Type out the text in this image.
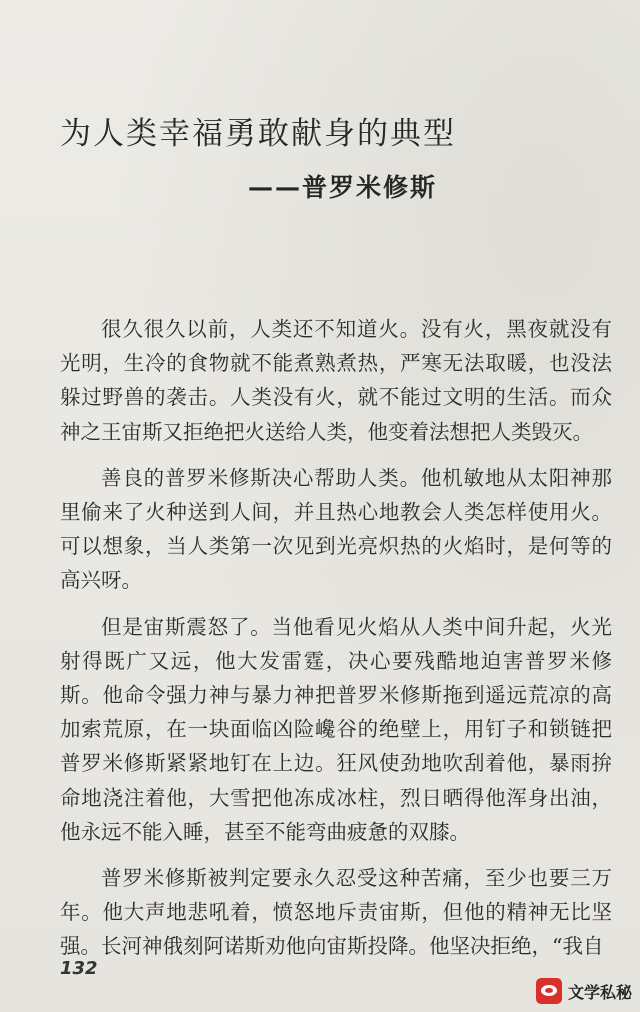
为人类幸福勇敢献身的典型
——普罗米修斯

很久很久以前，人类还不知道火。没有火，黑夜就没有光明，生冷的食物就不能煮熟煮热，严寒无法取暖，也没法躲过野兽的袭击。人类没有火，就不能过文明的生活。而众神之王宙斯又拒绝把火送给人类，他变着法想把人类毁灭。

善良的普罗米修斯决心帮助人类。他机敏地从太阳神那里偷来了火种送到人间，并且热心地教会人类怎样使用火。可以想象，当人类第一次见到光亮炽热的火焰时，是何等的高兴呀。

但是宙斯震怒了。当他看见火焰从人类中间升起，火光射得既广又远，他大发雷霆，决心要残酷地迫害普罗米修斯。他命令强力神与暴力神把普罗米修斯拖到遥远荒凉的高加索荒原，在一块面临凶险巉谷的绝壁上，用钉子和锁链把普罗米修斯紧紧地钉在上边。狂风使劲地吹刮着他，暴雨拚命地浇注着他，大雪把他冻成冰柱，烈日晒得他浑身出油，他永远不能入睡，甚至不能弯曲疲惫的双膝。

普罗米修斯被判定要永久忍受这种苦痛，至少也要三万年。他大声地悲吼着，愤怒地斥责宙斯，但他的精神无比坚强。长河神俄刻阿诺斯劝他向宙斯投降。他坚决拒绝，“我自

132
文学私秘
